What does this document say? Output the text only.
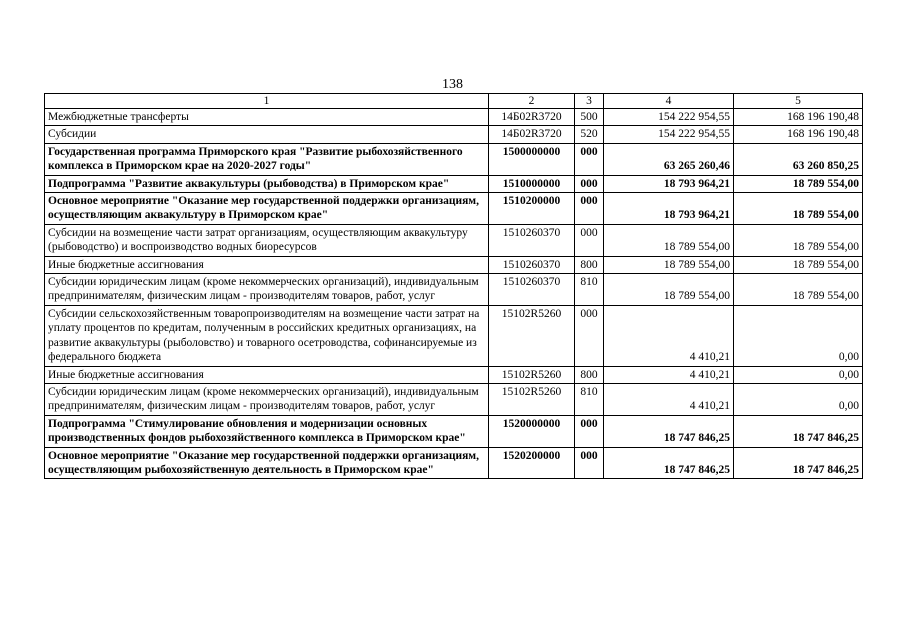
138
1	2	3	4	5
Межбюджетные трансферты	14Б02R3720	500	154 222 954,55	168 196 190,48
Субсидии	14Б02R3720	520	154 222 954,55	168 196 190,48
Государственная программа Приморского края "Развитие рыбохозяйственного комплекса в Приморском крае на 2020-2027 годы"	1500000000	000	63 265 260,46	63 260 850,25
Подпрограмма "Развитие аквакультуры (рыбоводства) в Приморском крае"	1510000000	000	18 793 964,21	18 789 554,00
Основное мероприятие "Оказание мер государственной поддержки организациям, осуществляющим аквакультуру в Приморском крае"	1510200000	000	18 793 964,21	18 789 554,00
Субсидии на возмещение части затрат организациям, осуществляющим аквакультуру (рыбоводство) и воспроизводство водных биоресурсов	1510260370	000	18 789 554,00	18 789 554,00
Иные бюджетные ассигнования	1510260370	800	18 789 554,00	18 789 554,00
Субсидии юридическим лицам (кроме некоммерческих организаций), индивидуальным предпринимателям, физическим лицам - производителям товаров, работ, услуг	1510260370	810	18 789 554,00	18 789 554,00
Субсидии сельскохозяйственным товаропроизводителям на возмещение части затрат на уплату процентов по кредитам, полученным в российских кредитных организациях, на развитие аквакультуры (рыболовство) и товарного осетроводства, софинансируемые из федерального бюджета	15102R5260	000	4 410,21	0,00
Иные бюджетные ассигнования	15102R5260	800	4 410,21	0,00
Субсидии юридическим лицам (кроме некоммерческих организаций), индивидуальным предпринимателям, физическим лицам - производителям товаров, работ, услуг	15102R5260	810	4 410,21	0,00
Подпрограмма "Стимулирование обновления и модернизации основных производственных фондов рыбохозяйственного комплекса в Приморском крае"	1520000000	000	18 747 846,25	18 747 846,25
Основное мероприятие "Оказание мер государственной поддержки организациям, осуществляющим рыбохозяйственную деятельность в Приморском крае"	1520200000	000	18 747 846,25	18 747 846,25
